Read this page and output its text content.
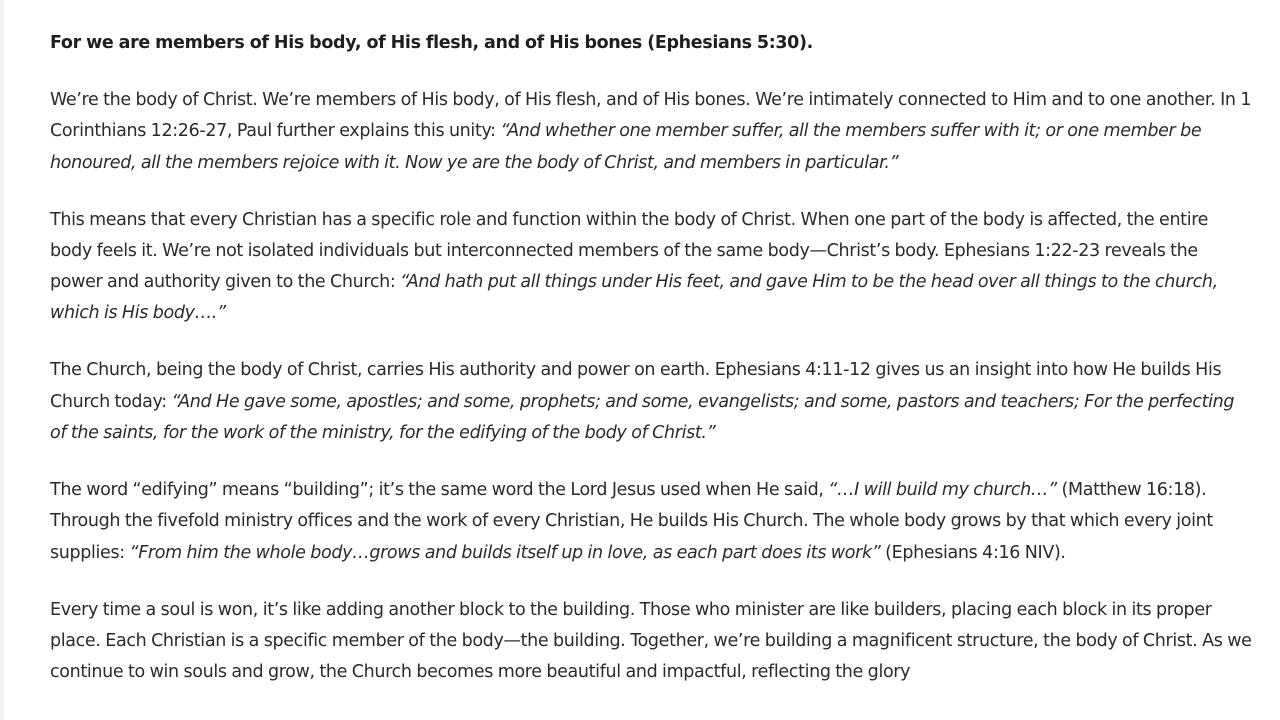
For we are members of His body, of His flesh, and of His bones (Ephesians 5:30).

We’re the body of Christ. We’re members of His body, of His flesh, and of His bones. We’re intimately connected to Him and to one another. In 1 Corinthians 12:26-27, Paul further explains this unity: “And whether one member suffer, all the members suffer with it; or one member be honoured, all the members rejoice with it. Now ye are the body of Christ, and members in particular.”

This means that every Christian has a specific role and function within the body of Christ. When one part of the body is affected, the entire body feels it. We’re not isolated individuals but interconnected members of the same body—Christ’s body. Ephesians 1:22-23 reveals the power and authority given to the Church: “And hath put all things under His feet, and gave Him to be the head over all things to the church, which is His body….”

The Church, being the body of Christ, carries His authority and power on earth. Ephesians 4:11-12 gives us an insight into how He builds His Church today: “And He gave some, apostles; and some, prophets; and some, evangelists; and some, pastors and teachers; For the perfecting of the saints, for the work of the ministry, for the edifying of the body of Christ.”

The word “edifying” means “building”; it’s the same word the Lord Jesus used when He said, “…I will build my church…” (Matthew 16:18). Through the fivefold ministry offices and the work of every Christian, He builds His Church. The whole body grows by that which every joint supplies: “From him the whole body…grows and builds itself up in love, as each part does its work” (Ephesians 4:16 NIV).

Every time a soul is won, it’s like adding another block to the building. Those who minister are like builders, placing each block in its proper place. Each Christian is a specific member of the body—the building. Together, we’re building a magnificent structure, the body of Christ. As we continue to win souls and grow, the Church becomes more beautiful and impactful, reflecting the glory
